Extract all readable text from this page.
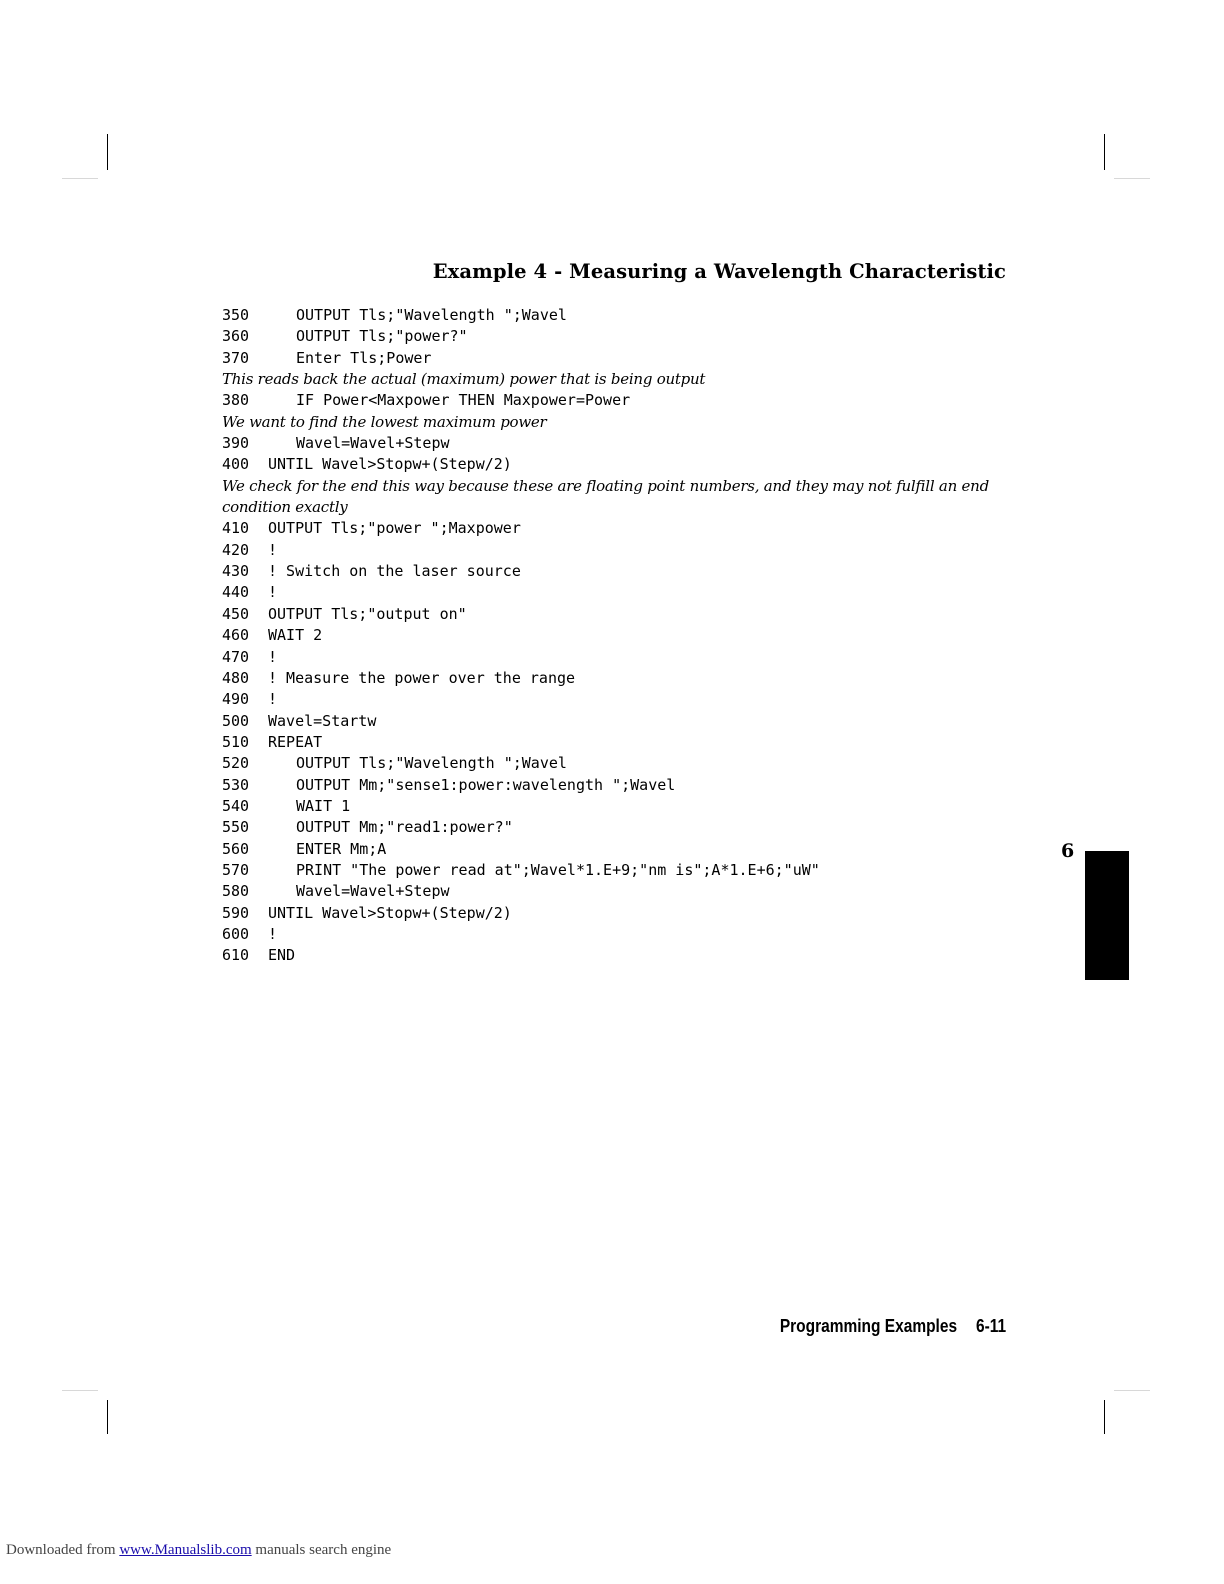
Example 4 - Measuring a Wavelength Characteristic
350	OUTPUT Tls;"Wavelength ";Wavel
360	OUTPUT Tls;"power?"
370	Enter Tls;Power
This reads back the actual (maximum) power that is being output
380	IF Power<Maxpower THEN Maxpower=Power
We want to find the lowest maximum power
390	Wavel=Wavel+Stepw
400 UNTIL Wavel>Stopw+(Stepw/2)
We check for the end this way because these are floating point numbers, and they may not fulfill an end condition exactly
410 OUTPUT Tls;"power ";Maxpower
420 !
430 ! Switch on the laser source
440 !
450 OUTPUT Tls;"output on"
460 WAIT 2
470 !
480 ! Measure the power over the range
490 !
500 Wavel=Startw
510 REPEAT
520	OUTPUT Tls;"Wavelength ";Wavel
530	OUTPUT Mm;"sense1:power:wavelength ";Wavel
540	WAIT 1
550	OUTPUT Mm;"read1:power?"
560	ENTER Mm;A
570	PRINT "The power read at";Wavel*1.E+9;"nm is";A*1.E+6;"uW"
580	Wavel=Wavel+Stepw
590 UNTIL Wavel>Stopw+(Stepw/2)
600 !
610 END
6
Programming Examples 6-11
Downloaded from www.Manualslib.com manuals search engine
